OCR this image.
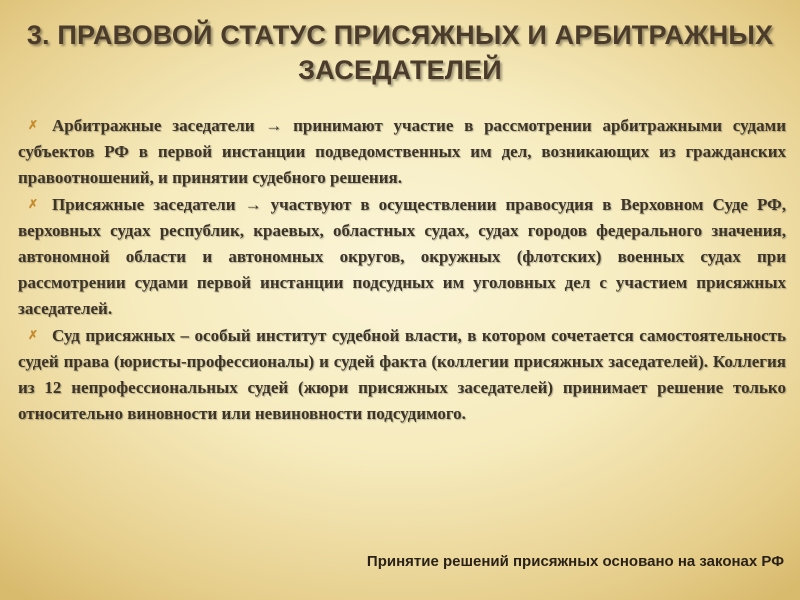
3. ПРАВОВОЙ СТАТУС ПРИСЯЖНЫХ И АРБИТРАЖНЫХ
ЗАСЕДАТЕЛЕЙ

✗ Арбитражные заседатели → принимают участие в рассмотрении арбитражными судами субъектов РФ в первой инстанции подведомственных им дел, возникающих из гражданских правоотношений, и принятии судебного решения.

✗ Присяжные заседатели → участвуют в осуществлении правосудия в Верховном Суде РФ, верховных судах республик, краевых, областных судах, судах городов федерального значения, автономной области и автономных округов, окружных (флотских) военных судах при рассмотрении судами первой инстанции подсудных им уголовных дел с участием присяжных заседателей.

✗ Суд присяжных – особый институт судебной власти, в котором сочетается самостоятельность судей права (юристы-профессионалы) и судей факта (коллегии присяжных заседателей). Коллегия из 12 непрофессиональных судей (жюри присяжных заседателей) принимает решение только относительно виновности или невиновности подсудимого.

Принятие решений присяжных основано на законах РФ
